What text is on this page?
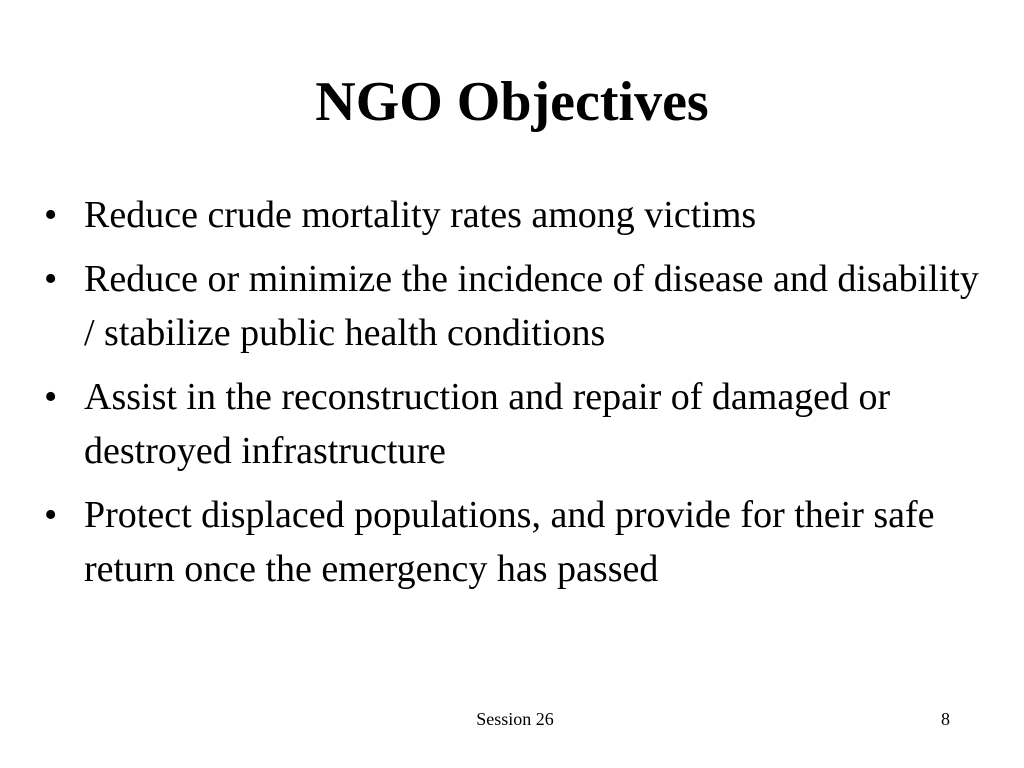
NGO Objectives
• Reduce crude mortality rates among victims
• Reduce or minimize the incidence of disease and disability / stabilize public health conditions
• Assist in the reconstruction and repair of damaged or destroyed infrastructure
• Protect displaced populations, and provide for their safe return once the emergency has passed
Session 26	8
